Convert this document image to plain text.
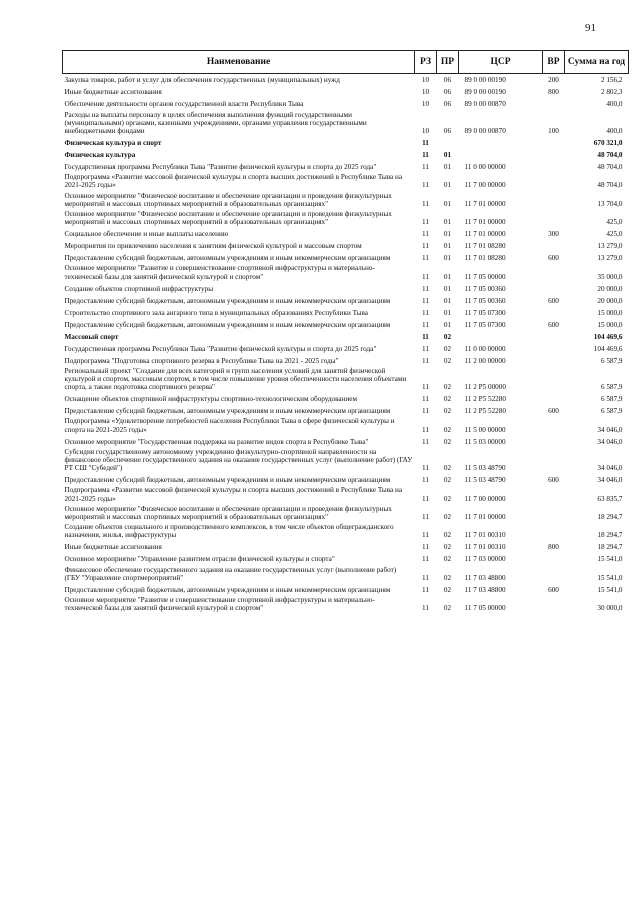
91
Наименование	РЗ	ПР	ЦСР	ВР	Сумма на год
Закупка товаров, работ и услуг для обеспечения государственных (муниципальных) нужд	10	06	89 0 00 00190	200	2 156,2
Иные бюджетные ассигнования	10	06	89 0 00 00190	800	2 802,3
Обеспечение деятельности органов государственной власти Республики Тыва	10	06	89 0 00 00870		400,0
Расходы на выплаты персоналу в целях обеспечения выполнения функций государственными (муниципальными) органами, казенными учреждениями, органами управления государственными внебюджетными фондами	10	06	89 0 00 00870	100	400,0
Физическая культура и спорт	11				670 321,0
Физическая культура	11	01			48 704,0
Государственная программа Республики Тыва "Развитие физической культуры и спорта до 2025 года"	11	01	11 0 00 00000		48 704,0
Подпрограмма «Развитие массовой физической культуры и спорта высших достижений в Республике Тыва на 2021-2025 годы»	11	01	11 7 00 00000		48 704,0
Основное мероприятие "Физическое воспитание и обеспечение организации и проведения физкультурных мероприятий и массовых спортивных мероприятий в образовательных организациях"	11	01	11 7 01 00000		13 704,0
Основное мероприятие "Физическое воспитание и обеспечение организации и проведения физкультурных мероприятий и массовых спортивных мероприятий в образовательных организациях"	11	01	11 7 01 00000		425,0
Социальное обеспечение и иные выплаты населению	11	01	11 7 01 00000	300	425,0
Мероприятия по привлечению населения к занятиям физической культурой и массовым спортом	11	01	11 7 01 08280		13 279,0
Предоставление субсидий бюджетным, автономным учреждениям и иным некоммерческим организациям	11	01	11 7 01 08280	600	13 279,0
Основное мероприятие "Развитие и совершенствование спортивной инфраструктуры и материально-технической базы для занятий физической культурой и спортом"	11	01	11 7 05 00000		35 000,0
Создание объектов спортивной инфраструктуры	11	01	11 7 05 00360		20 000,0
Предоставление субсидий бюджетным, автономным учреждениям и иным некоммерческим организациям	11	01	11 7 05 00360	600	20 000,0
Строительство спортивного зала ангарного типа в муниципальных образованиях Республики Тыва	11	01	11 7 05 07300		15 000,0
Предоставление субсидий бюджетным, автономным учреждениям и иным некоммерческим организациям	11	01	11 7 05 07300	600	15 000,0
Массовый спорт	11	02			104 469,6
Государственная программа Республики Тыва "Развитие физической культуры и спорта до 2025 года"	11	02	11 0 00 00000		104 469,6
Подпрограмма "Подготовка спортивного резерва в Республике Тыва на 2021 - 2025 годы"	11	02	11 2 00 00000		6 587,9
Региональный проект "Создание для всех категорий и групп населения условий для занятий физической культурой и спортом, массовым спортом, в том числе повышение уровня обеспеченности населения объектами спорта, а также подготовка спортивного резерва"	11	02	11 2 P5 00000		6 587,9
Оснащение объектов спортивной инфраструктуры спортивно-технологическим оборудованием	11	02	11 2 P5 52280		6 587,9
Предоставление субсидий бюджетным, автономным учреждениям и иным некоммерческим организациям	11	02	11 2 P5 52280	600	6 587,9
Подпрограмма «Удовлетворение потребностей населения Республики Тыва в сфере физической культуры и спорта на 2021-2025 годы»	11	02	11 5 00 00000		34 046,0
Основное мероприятие "Государственная поддержка на развитие видов спорта в Республике Тыва"	11	02	11 5 03 00000		34 046,0
Субсидия государственному автономному учреждению физкультурно-спортивной направленности на финансовое обеспечение государственного задания на оказание государственных услуг (выполнение работ) (ГАУ РТ СШ "Субедей")	11	02	11 5 03 48790		34 046,0
Предоставление субсидий бюджетным, автономным учреждениям и иным некоммерческим организациям	11	02	11 5 03 48790	600	34 046,0
Подпрограмма «Развитие массовой физической культуры и спорта высших достижений в Республике Тыва на 2021-2025 годы»	11	02	11 7 00 00000		63 835,7
Основное мероприятие "Физическое воспитание и обеспечение организации и проведения физкультурных мероприятий и массовых спортивных мероприятий в образовательных организациях"	11	02	11 7 01 00000		18 294,7
Создание объектов социального и производственного комплексов, в том числе объектов общегражданского назначения, жилья, инфраструктуры	11	02	11 7 01 00310		18 294,7
Иные бюджетные ассигнования	11	02	11 7 01 00310	800	18 294,7
Основное мероприятие "Управление развитием отрасли физической культуры и спорта"	11	02	11 7 03 00000		15 541,0
Финансовое обеспечение государственного задания на оказание государственных услуг (выполнение работ) (ГБУ "Управление спортмероприятий"	11	02	11 7 03 48800		15 541,0
Предоставление субсидий бюджетным, автономным учреждениям и иным некоммерческим организациям	11	02	11 7 03 48800	600	15 541,0
Основное мероприятие "Развитие и совершенствование спортивной инфраструктуры и материально-технической базы для занятий физической культурой и спортом"	11	02	11 7 05 00000		30 000,0
